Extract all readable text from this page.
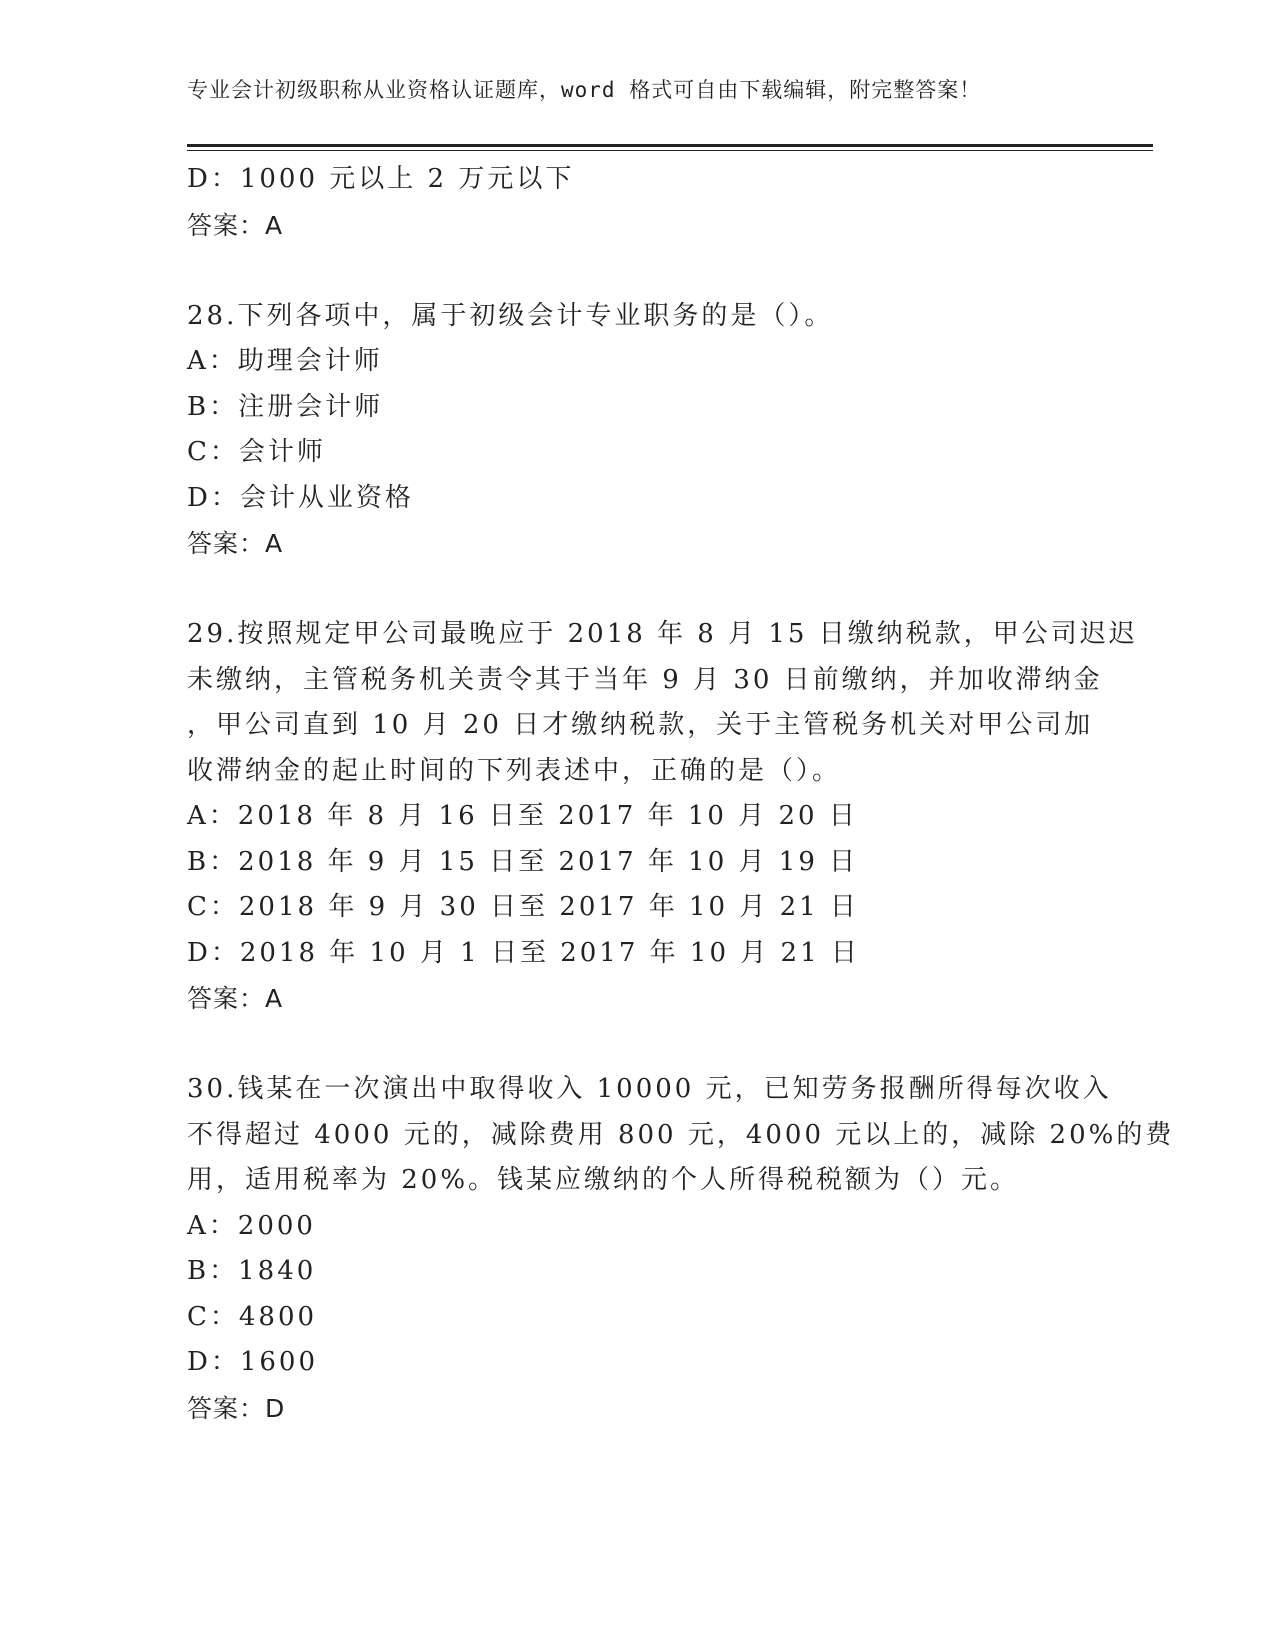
专业会计初级职称从业资格认证题库，word 格式可自由下载编辑，附完整答案！
D：1000 元以上 2 万元以下
答案：A
28.下列各项中，属于初级会计专业职务的是（）。
A：助理会计师
B：注册会计师
C：会计师
D：会计从业资格
答案：A
29.按照规定甲公司最晚应于 2018 年 8 月 15 日缴纳税款，甲公司迟迟
未缴纳，主管税务机关责令其于当年 9 月 30 日前缴纳，并加收滞纳金
，甲公司直到 10 月 20 日才缴纳税款，关于主管税务机关对甲公司加
收滞纳金的起止时间的下列表述中，正确的是（）。
A：2018 年 8 月 16 日至 2017 年 10 月 20 日
B：2018 年 9 月 15 日至 2017 年 10 月 19 日
C：2018 年 9 月 30 日至 2017 年 10 月 21 日
D：2018 年 10 月 1 日至 2017 年 10 月 21 日
答案：A
30.钱某在一次演出中取得收入 10000 元，已知劳务报酬所得每次收入
不得超过 4000 元的，减除费用 800 元，4000 元以上的，减除 20%的费
用，适用税率为 20%。钱某应缴纳的个人所得税税额为（）元。
A：2000
B：1840
C：4800
D：1600
答案：D
